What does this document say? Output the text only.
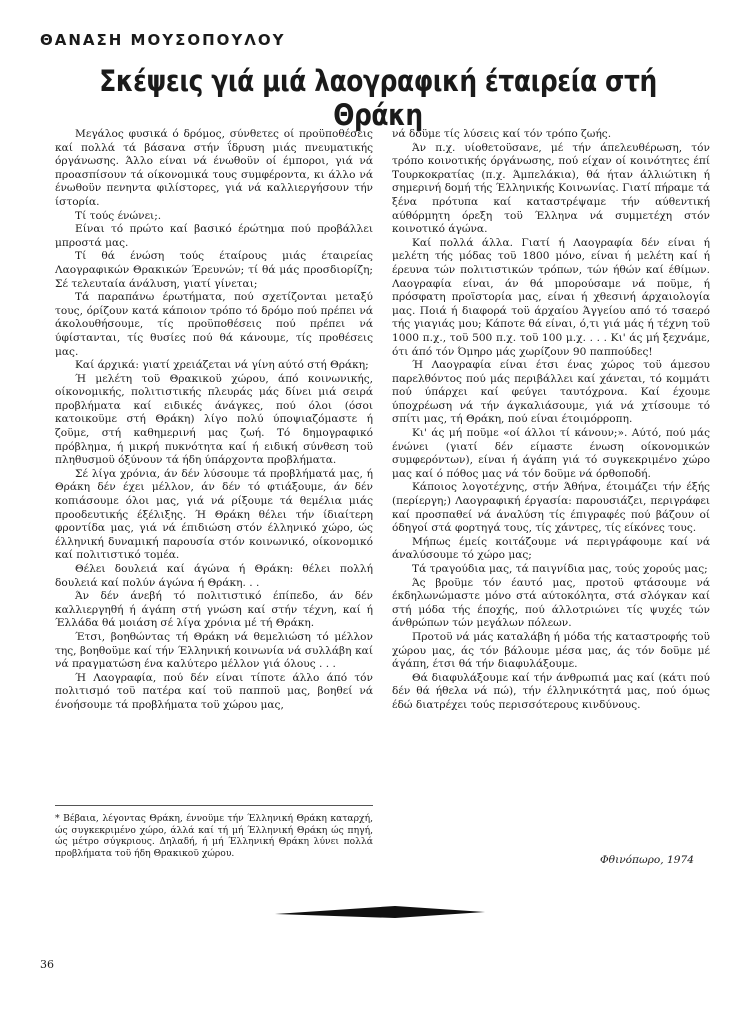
ΘΑΝΑΣΗ ΜΟΥΣΟΠΟΥΛΟΥ
Σκέψεις γιά μιά λαογραφική έταιρεία στή Θράκη

Μεγάλος φυσικά ό δρόμος, σύνθετες οί προϋποθέσεις καί πολλά τά βάσανα στήν ΐδρυση μιάς πνευματικής όργάνωσης. Άλλο είναι νά ένωθοϋν οί έμποροι, γιά νά προασπίσουν τά οίκονομικά τους συμφέροντα, κι άλλο νά ένωθοϋν πενηντα φιλίστορες, γιά νά καλλιεργήσουν τήν ίστορία.

Τί τούς ένώνει;.

Είναι τό πρώτο καί βασικό έρώτημα πού προβάλλει μπροστά μας.

Τί θά ένώση τούς έταίρους μιάς έταιρείας Λαογραφικών Θρακικών Έρευνών; τί θά μάς προσδιορίζη; Σέ τελευταία άνάλυση, γιατί γίνεται;

Τά παραπάνω έρωτήματα, πού σχετίζονται μεταξύ τους, όρίζουν κατά κάποιον τρόπο τό δρόμο πού πρέπει νά άκολουθήσουμε, τίς προϋποθέσεις πού πρέπει νά ύφίστανται, τίς θυσίες πού θά κάνουμε, τίς προθέσεις μας.

Καί άρχικά: γιατί χρειάζεται νά γίνη αύτό στή Θράκη;

Ή μελέτη τοϋ Θρακικοϋ χώρου, άπό κοινωνικής, οίκονομικής, πολιτιστικής πλευράς μάς δίνει μιά σειρά προβλήματα καί ειδικές άνάγκες, πού όλοι (όσοι κατοικοϋμε στή Θράκη) λίγο πολύ ύποψιαζόμαστε ή ζοϋμε, στή καθημερινή μας ζωή. Τό δημογραφικό πρόβλημα, ή μικρή πυκνότητα καί ή ειδική σύνθεση τοϋ πληθυσμοϋ όξύνουν τά ήδη ύπάρχοντα προβλήματα.

Σέ λίγα χρόνια, άν δέν λύσουμε τά προβλήματά μας, ή Θράκη δέν έχει μέλλον, άν δέν τό φτιάξουμε, άν δέν κοπιάσουμε όλοι μας, γιά νά ρίξουμε τά θεμέλια μιάς προοδευτικής έξέλιξης. Ή Θράκη θέλει τήν ίδιαίτερη φροντίδα μας, γιά νά έπιδιώση στόν έλληνικό χώρο, ώς έλληνική δυναμική παρουσία στόν κοινωνικό, οίκονομικό καί πολιτιστικό τομέα.

Θέλει δουλειά καί άγώνα ή Θράκη: θέλει πολλή δουλειά καί πολύν άγώνα ή Θράκη. . .

Άν δέν άνεβή τό πολιτιστικό έπίπεδο, άν δέν καλλιεργηθή ή άγάπη στή γνώση καί στήν τέχνη, καί ή Έλλάδα θά μοιάση σέ λίγα χρόνια μέ τή Θράκη.

Έτσι, βοηθώντας τή Θράκη νά θεμελιώση τό μέλλον της, βοηθοϋμε καί τήν Έλληνική κοινωνία νά συλλάβη καί νά πραγματώση ένα καλύτερο μέλλον γιά όλους . . .

Ή Λαογραφία, πού δέν είναι τίποτε άλλο άπό τόν πολιτισμό τοϋ πατέρα καί τοϋ παπποϋ μας, βοηθεί νά ένοήσουμε τά προβλήματα τοϋ χώρου μας,

* Βέβαια, λέγοντας Θράκη, έννοϋμε τήν Έλληνική Θράκη καταρχή, ώς συγκεκριμένο χώρο, άλλά καί τή μή Έλληνική Θράκη ώς πηγή, ώς μέτρο σύγκριους. Δηλαδή, ή μή Έλληνική Θράκη λύνει πολλά προβλήματα τοϋ ήδη Θρακικοϋ χώρου.

νά δοϋμε τίς λύσεις καί τόν τρόπο ζωής.

Άν π.χ. υίοθετοϋσανε, μέ τήν άπελευθέρωση, τόν τρόπο κοινοτικής όργάνωσης, πού είχαν οί κοινότητες έπί Τουρκοκρατίας (π.χ. Άμπελάκια), θά ήταν άλλιώτικη ή σημερινή δομή τής Έλληνικής Κοινωνίας. Γιατί πήραμε τά ξένα πρότυπα καί καταστρέψαμε τήν αύθεντική αύθόρμητη όρεξη τοϋ Έλληνα νά συμμετέχη στόν κοινοτικό άγώνα.

Καί πολλά άλλα. Γιατί ή Λαογραφία δέν είναι ή μελέτη τής μόδας τοϋ 1800 μόνο, είναι ή μελέτη καί ή έρευνα τών πολιτιστικών τρόπων, τών ήθών καί έθίμων. Λαογραφία είναι, άν θά μπορούσαμε νά ποϋμε, ή πρόσφατη προϊστορία μας, είναι ή χθεσινή άρχαιολογία μας. Ποιά ή διαφορά τοϋ άρχαίου Άγγείου από τό τσαερό τής γιαγιάς μου; Κάποτε θά είναι, ό,τι γιά μάς ή τέχνη τοϋ 1000 π.χ., τοϋ 500 π.χ. τοϋ 100 μ.χ. . . . Κι' άς μή ξεχνάμε, ότι άπό τόν Όμηρο μάς χωρίζουν 90 παππούδες!

Ή Λαογραφία είναι έτσι ένας χώρος τοϋ άμεσου παρελθόντος πού μάς περιβάλλει καί χάνεται, τό κομμάτι πού ύπάρχει καί φεύγει ταυτόχρονα. Καί έχουμε ύποχρέωση νά τήν άγκαλιάσουμε, γιά νά χτίσουμε τό σπίτι μας, τή Θράκη, πού είναι έτοιμόρροπη.

Κι' άς μή ποϋμε «οί άλλοι τί κάνουν;». Αύτό, πού μάς ένώνει (γιατί δέν είμαστε ένωση οίκονομικών συμφερόντων), είναι ή άγάπη γιά τό συγκεκριμένο χώρο μας καί ό πόθος μας νά τόν δοϋμε νά όρθοποδή.

Κάποιος λογοτέχνης, στήν Άθήνα, έτοιμάζει τήν έξής (περίεργη;) Λαογραφική έργασία: παρουσιάζει, περιγράφει καί προσπαθεί νά άναλύση τίς έπιγραφές πού βάζουν οί όδηγοί στά φορτηγά τους, τίς χάντρες, τίς είκόνες τους.

Μήπως έμείς κοιτάζουμε νά περιγράφουμε καί νά άναλύσουμε τό χώρο μας;

Τά τραγούδια μας, τά παιγνίδια μας, τούς χορούς μας;

Άς βροϋμε τόν έαυτό μας, προτοϋ φτάσουμε νά έκδηλωνώμαστε μόνο στά αύτοκόλητα, στά σλόγκαν καί στή μόδα τής έποχής, πού άλλοτριώνει τίς ψυχές τών άνθρώπων τών μεγάλων πόλεων.

Προτοϋ νά μάς καταλάβη ή μόδα τής καταστροφής τοϋ χώρου μας, άς τόν βάλουμε μέσα μας, άς τόν δοϋμε μέ άγάπη, έτσι θά τήν διαφυλάξουμε.

Θά διαφυλάξουμε καί τήν άνθρωπιά μας καί (κάτι πού δέν θά ήθελα νά πώ), τήν έλληνικότητά μας, πού όμως έδώ διατρέχει τούς περισσότερους κινδύνους.

Φθινόπωρο, 1974
36
